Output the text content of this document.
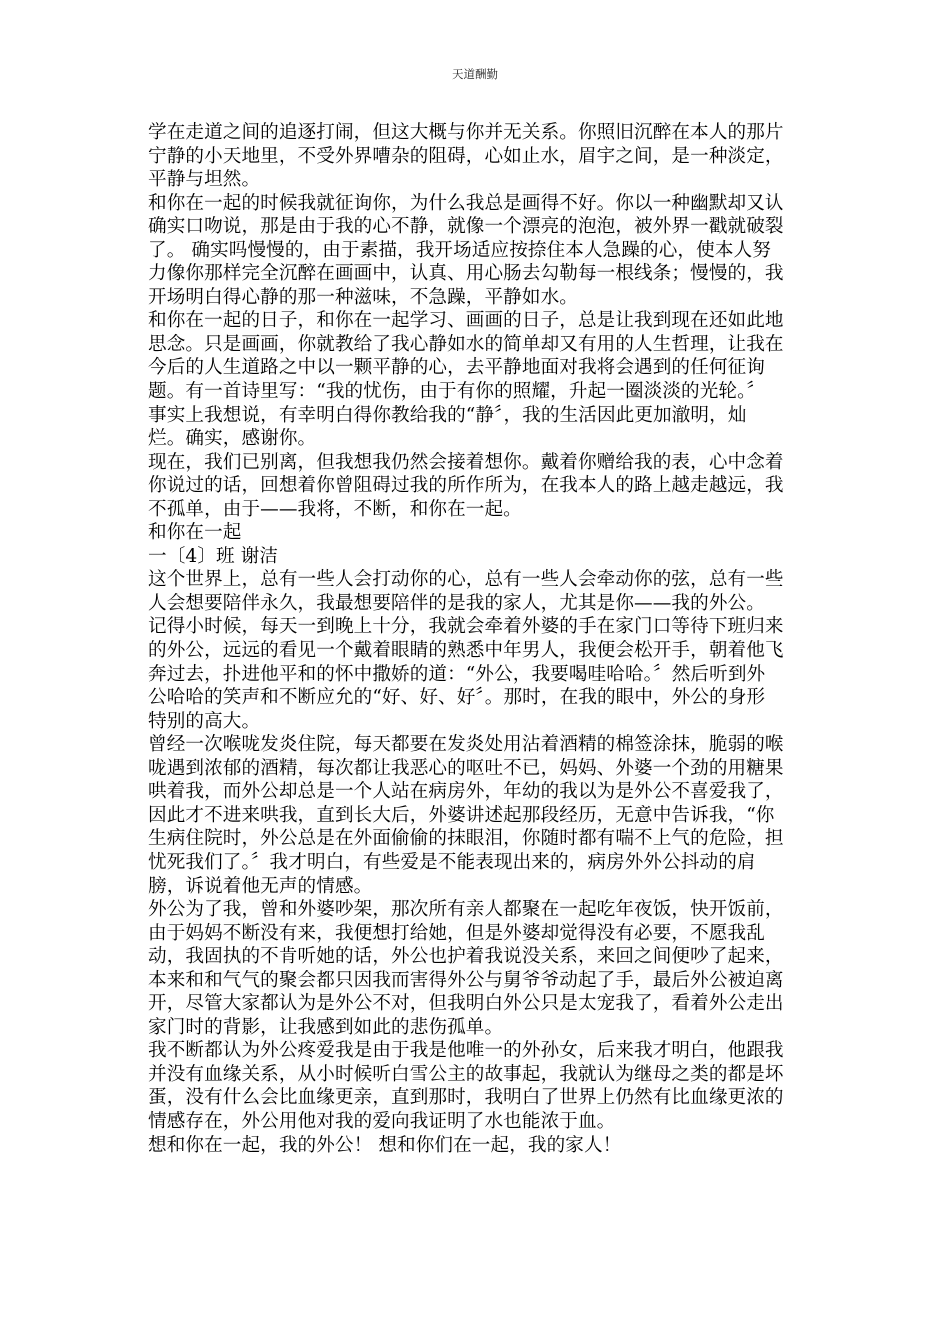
天道酬勤
学在走道之间的追逐打闹，但这大概与你并无关系。你照旧沉醉在本人的那片
宁静的小天地里，不受外界嘈杂的阻碍，心如止水，眉宇之间，是一种淡定，
平静与坦然。
和你在一起的时候我就征询你，为什么我总是画得不好。你以一种幽默却又认
确实口吻说，那是由于我的心不静，就像一个漂亮的泡泡，被外界一戳就破裂
了。 确实吗慢慢的，由于素描，我开场适应按捺住本人急躁的心，使本人努
力像你那样完全沉醉在画画中，认真、用心肠去勾勒每一根线条；慢慢的，我
开场明白得心静的那一种滋味，不急躁，平静如水。
和你在一起的日子，和你在一起学习、画画的日子，总是让我到现在还如此地
思念。只是画画，你就教给了我心静如水的简单却又有用的人生哲理，让我在
今后的人生道路之中以一颗平静的心，去平静地面对我将会遇到的任何征询
题。有一首诗里写：“我的忧伤，由于有你的照耀，升起一圈淡淡的光轮。〞
事实上我想说，有幸明白得你教给我的“静〞，我的生活因此更加澈明，灿
烂。确实，感谢你。
现在，我们已别离，但我想我仍然会接着想你。戴着你赠给我的表，心中念着
你说过的话，回想着你曾阻碍过我的所作所为，在我本人的路上越走越远，我
不孤单，由于——我将，不断，和你在一起。
和你在一起
一〔4〕班 谢洁
这个世界上，总有一些人会打动你的心，总有一些人会牵动你的弦，总有一些
人会想要陪伴永久，我最想要陪伴的是我的家人，尤其是你——我的外公。
记得小时候，每天一到晚上十分，我就会牵着外婆的手在家门口等待下班归来
的外公，远远的看见一个戴着眼睛的熟悉中年男人，我便会松开手，朝着他飞
奔过去，扑进他平和的怀中撒娇的道：“外公，我要喝哇哈哈。〞然后听到外
公哈哈的笑声和不断应允的“好、好、好〞。那时，在我的眼中，外公的身形
特别的高大。
曾经一次喉咙发炎住院，每天都要在发炎处用沾着酒精的棉签涂抹，脆弱的喉
咙遇到浓郁的酒精，每次都让我恶心的呕吐不已，妈妈、外婆一个劲的用糖果
哄着我，而外公却总是一个人站在病房外，年幼的我以为是外公不喜爱我了，
因此才不进来哄我，直到长大后，外婆讲述起那段经历，无意中告诉我，“你
生病住院时，外公总是在外面偷偷的抹眼泪，你随时都有喘不上气的危险，担
忧死我们了。〞我才明白，有些爱是不能表现出来的，病房外外公抖动的肩
膀，诉说着他无声的情感。
外公为了我，曾和外婆吵架，那次所有亲人都聚在一起吃年夜饭，快开饭前，
由于妈妈不断没有来，我便想打给她，但是外婆却觉得没有必要，不愿我乱
动，我固执的不肯听她的话，外公也护着我说没关系，来回之间便吵了起来，
本来和和气气的聚会都只因我而害得外公与舅爷爷动起了手，最后外公被迫离
开，尽管大家都认为是外公不对，但我明白外公只是太宠我了，看着外公走出
家门时的背影，让我感到如此的悲伤孤单。
我不断都认为外公疼爱我是由于我是他唯一的外孙女，后来我才明白，他跟我
并没有血缘关系，从小时候听白雪公主的故事起，我就认为继母之类的都是坏
蛋，没有什么会比血缘更亲，直到那时，我明白了世界上仍然有比血缘更浓的
情感存在，外公用他对我的爱向我证明了水也能浓于血。
想和你在一起，我的外公！ 想和你们在一起，我的家人！
